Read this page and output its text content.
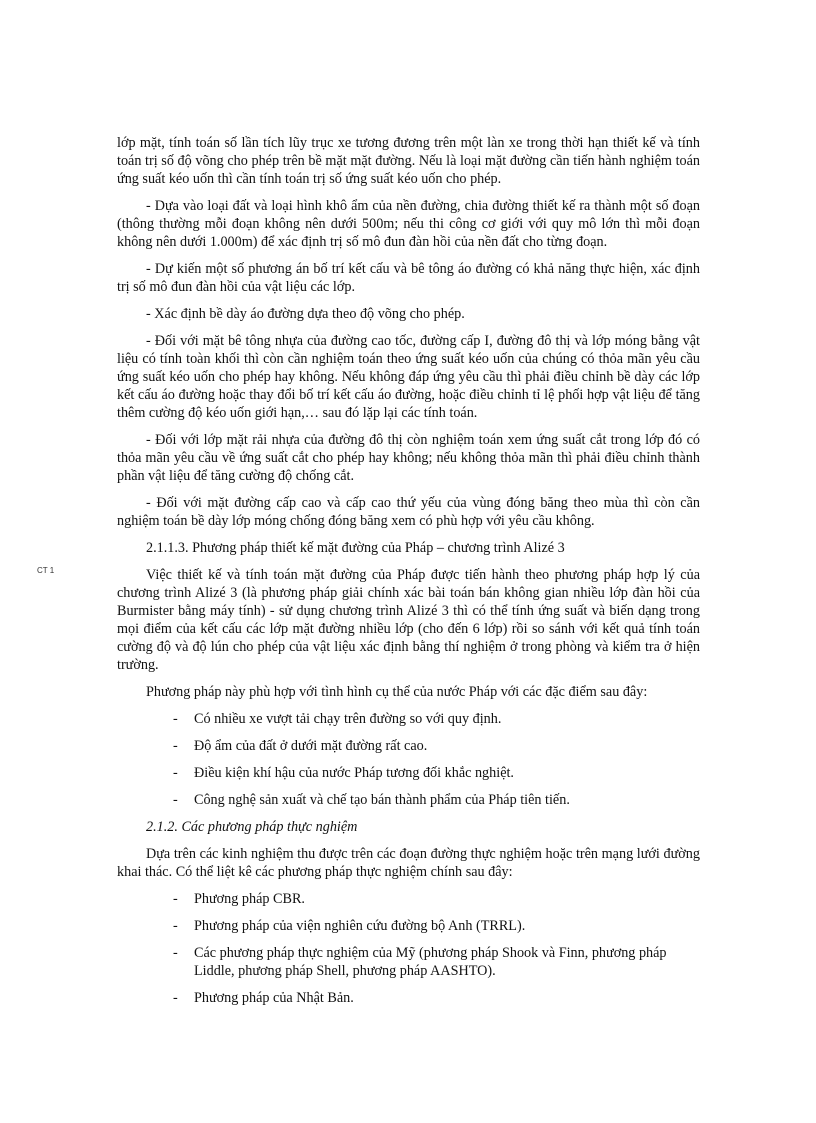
CT 1

lớp mặt, tính toán số lần tích lũy trục xe tương đương trên một làn xe trong thời hạn thiết kế và tính toán trị số độ võng cho phép trên bề mặt mặt đường. Nếu là loại mặt đường cần tiến hành nghiệm toán ứng suất kéo uốn thì cần tính toán trị số ứng suất kéo uốn cho phép.

- Dựa vào loại đất và loại hình khô ẩm của nền đường, chia đường thiết kế ra thành một số đoạn (thông thường mỗi đoạn không nên dưới 500m; nếu thi công cơ giới với quy mô lớn thì mỗi đoạn không nên dưới 1.000m) để xác định trị số mô đun đàn hồi của nền đất cho từng đoạn.

- Dự kiến một số phương án bố trí kết cấu và bê tông áo đường có khả năng thực hiện, xác định trị số mô đun đàn hồi của vật liệu các lớp.

- Xác định bề dày áo đường dựa theo độ võng cho phép.

- Đối với mặt bê tông nhựa của đường cao tốc, đường cấp I, đường đô thị và lớp móng bằng vật liệu có tính toàn khối thì còn cần nghiệm toán theo ứng suất kéo uốn của chúng có thỏa mãn yêu cầu ứng suất kéo uốn cho phép hay không. Nếu không đáp ứng yêu cầu thì phải điều chỉnh bề dày các lớp kết cấu áo đường hoặc thay đổi bố trí kết cấu áo đường, hoặc điều chỉnh tỉ lệ phối hợp vật liệu để tăng thêm cường độ kéo uốn giới hạn,… sau đó lặp lại các tính toán.

- Đối với lớp mặt rải nhựa của đường đô thị còn nghiệm toán xem ứng suất cắt trong lớp đó có thỏa mãn yêu cầu về ứng suất cắt cho phép hay không; nếu không thỏa mãn thì phải điều chỉnh thành phần vật liệu để tăng cường độ chống cắt.

- Đối với mặt đường cấp cao và cấp cao thứ yếu của vùng đóng băng theo mùa thì còn cần nghiệm toán bề dày lớp móng chống đóng băng xem có phù hợp với yêu cầu không.

2.1.1.3. Phương pháp thiết kế mặt đường của Pháp – chương trình Alizé 3

Việc thiết kế và tính toán mặt đường của Pháp được tiến hành theo phương pháp hợp lý của chương trình Alizé 3 (là phương pháp giải chính xác bài toán bán không gian nhiều lớp đàn hồi của Burmister bằng máy tính) - sử dụng chương trình Alizé 3 thì có thể tính ứng suất và biến dạng trong mọi điểm của kết cấu các lớp mặt đường nhiều lớp (cho đến 6 lớp) rồi so sánh với kết quả tính toán cường độ và độ lún cho phép của vật liệu xác định bằng thí nghiệm ở trong phòng và kiểm tra ở hiện trường.

Phương pháp này phù hợp với tình hình cụ thể của nước Pháp với các đặc điểm sau đây:

- Có nhiều xe vượt tải chạy trên đường so với quy định.
- Độ ẩm của đất ở dưới mặt đường rất cao.
- Điều kiện khí hậu của nước Pháp tương đối khắc nghiệt.
- Công nghệ sản xuất và chế tạo bán thành phẩm của Pháp tiên tiến.

2.1.2. Các phương pháp thực nghiệm

Dựa trên các kinh nghiệm thu được trên các đoạn đường thực nghiệm hoặc trên mạng lưới đường khai thác. Có thể liệt kê các phương pháp thực nghiệm chính sau đây:

- Phương pháp CBR.
- Phương pháp của viện nghiên cứu đường bộ Anh (TRRL).
- Các phương pháp thực nghiệm của Mỹ (phương pháp Shook và Finn, phương pháp Liddle, phương pháp Shell, phương pháp AASHTO).
- Phương pháp của Nhật Bản.
